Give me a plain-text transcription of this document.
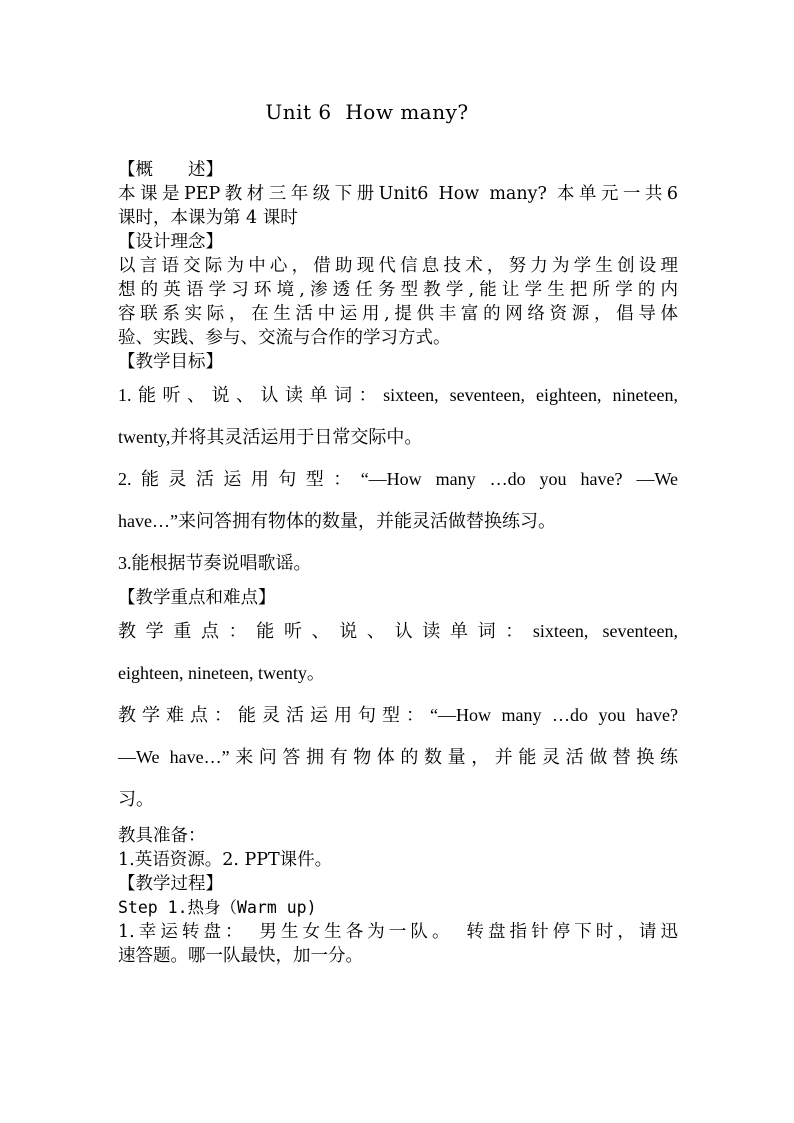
Unit 6  How many?
【概　　述】
本课是PEP教材三年级下册Unit6 How many? 本单元一共6
课时，本课为第 4 课时
【设计理念】
以言语交际为中心，借助现代信息技术，努力为学生创设理
想的英语学习环境,渗透任务型教学,能让学生把所学的内
容联系实际，在生活中运用,提供丰富的网络资源，倡导体
验、实践、参与、交流与合作的学习方式。
【教学目标】
1.能听、说、认读单词：sixteen, seventeen, eighteen, nineteen,
twenty,并将其灵活运用于日常交际中。
2.能灵活运用句型：“—How many …do you have? —We
have…”来问答拥有物体的数量，并能灵活做替换练习。
3.能根据节奏说唱歌谣。
【教学重点和难点】
教学重点：能听、说、认读单词：sixteen, seventeen,
eighteen, nineteen, twenty。
教学难点：能灵活运用句型：“—How many …do you have?
—We have…”来问答拥有物体的数量，并能灵活做替换练
习。
教具准备：
1.英语资源。2. PPT课件。
【教学过程】
Step 1.热身（Warm up)
1.幸运转盘：　男生女生各为一队。　转盘指针停下时，请迅
速答题。哪一队最快，加一分。
